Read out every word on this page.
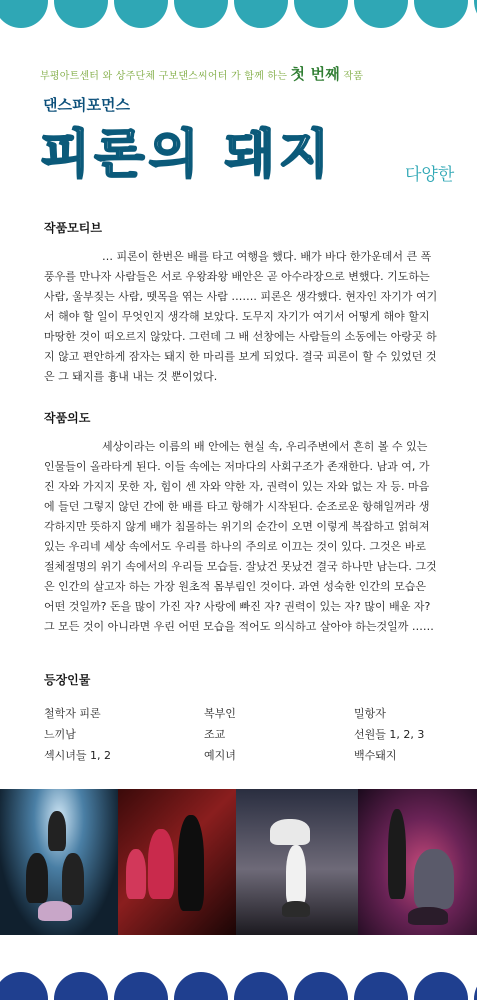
부평아트센터 와 상주단체 구보댄스씨어터 가 함께 하는 첫 번째 작품
댄스퍼포먼스
피론의 돼지	다양한
작품모티브

… 피론이 한번은 배를 타고 여행을 했다. 배가 바다 한가운데서 큰 폭풍우를 만나자 사람들은 서로 우왕좌왕 배안은 곧 아수라장으로 변했다. 기도하는 사람, 울부짖는 사람, 뗏목을 엮는 사람 ……. 피론은 생각했다. 현자인 자기가 여기서 해야 할 일이 무엇인지 생각해 보았다. 도무지 자기가 여기서 어떻게 해야 할지 마땅한 것이 떠오르지 않았다. 그런데 그 배 선창에는 사람들의 소동에는 아랑곳 하지 않고 편안하게 잠자는 돼지 한 마리를 보게 되었다. 결국 피론이 할 수 있었던 것은 그 돼지를 흉내 내는 것 뿐이었다.

작품의도

세상이라는 이름의 배 안에는 현실 속, 우리주변에서 흔히 볼 수 있는 인물들이 올라타게 된다. 이들 속에는 저마다의 사회구조가 존재한다. 남과 여, 가진 자와 가지지 못한 자, 힘이 센 자와 약한 자, 권력이 있는 자와 없는 자 등. 마음에 들던 그렇지 않던 간에 한 배를 타고 항해가 시작된다. 순조로운 항해일꺼라 생각하지만 뜻하지 않게 배가 침몰하는 위기의 순간이 오면 이렇게 복잡하고 얽혀져 있는 우리네 세상 속에서도 우리를 하나의 주의로 이끄는 것이 있다. 그것은 바로 절체절명의 위기 속에서의 우리들 모습들. 잘났건 못났건 결국 하나만 남는다. 그것은 인간의 살고자 하는 가장 원초적 몸부림인 것이다. 과연 성숙한 인간의 모습은 어떤 것일까? 돈을 많이 가진 자? 사랑에 빠진 자? 권력이 있는 자? 많이 배운 자? 그 모든 것이 아니라면 우린 어떤 모습을 적어도 의식하고 살아야 하는것일까 ……

등장인물
철학자 피론	복부인	밀항자
느끼남	조교	선원들 1, 2, 3
섹시녀들 1, 2	예지녀	백수돼지
